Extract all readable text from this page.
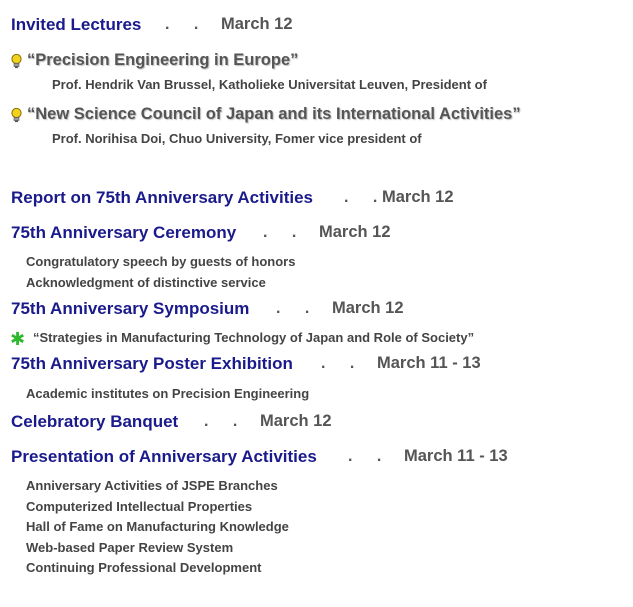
Invited Lectures . . March 12
“Precision Engineering in Europe”
Prof. Hendrik Van Brussel, Katholieke Universitat Leuven, President of
“New Science Council of Japan and its International Activities”
Prof. Norihisa Doi, Chuo University, Fomer vice president of
Report on 75th Anniversary Activities . .
March 12
75th Anniversary Ceremony . . March 12
Congratulatory speech by guests of honors
Acknowledgment of distinctive service
75th Anniversary Symposium . . March 12
✱ “Strategies in Manufacturing Technology of Japan and Role of Society”
75th Anniversary Poster Exhibition . . March 11 - 13
Academic institutes on Precision Engineering
Celebratory Banquet . . March 12
Presentation of Anniversary Activities . . March 11 - 13
Anniversary Activities of JSPE Branches
Computerized Intellectual Properties
Hall of Fame on Manufacturing Knowledge
Web-based Paper Review System
Continuing Professional Development
